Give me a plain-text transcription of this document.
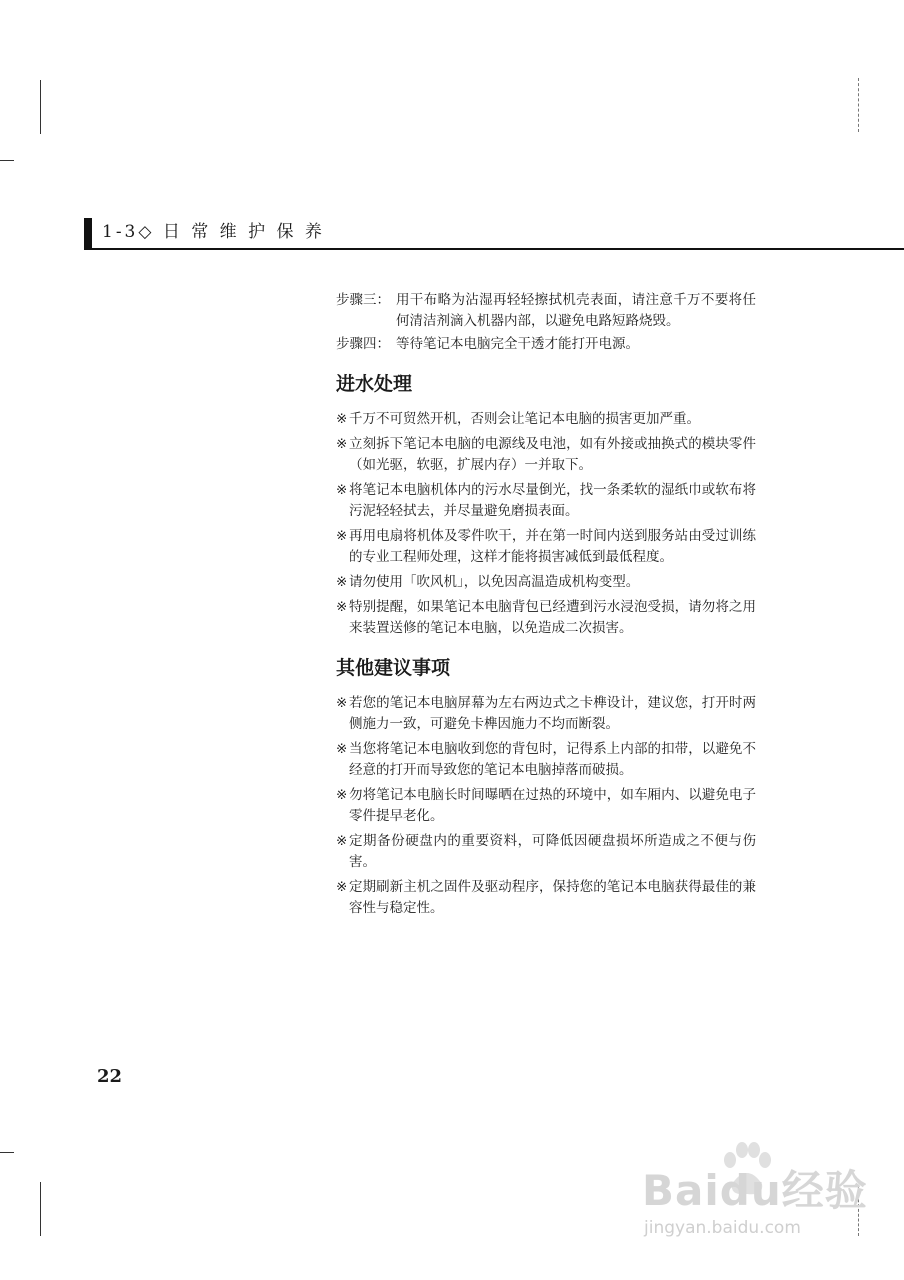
1-3◇ 日 常 维 护 保 养
步骤三： 用干布略为沾湿再轻轻擦拭机壳表面，请注意千万不要将任何清洁剂滴入机器内部，以避免电路短路烧毁。
步骤四： 等待笔记本电脑完全干透才能打开电源。
进水处理
※ 千万不可贸然开机，否则会让笔记本电脑的损害更加严重。
※ 立刻拆下笔记本电脑的电源线及电池，如有外接或抽换式的模块零件（如光驱，软驱，扩展内存）一并取下。
※ 将笔记本电脑机体内的污水尽量倒光，找一条柔软的湿纸巾或软布将污泥轻轻拭去，并尽量避免磨损表面。
※ 再用电扇将机体及零件吹干，并在第一时间内送到服务站由受过训练的专业工程师处理，这样才能将损害减低到最低程度。
※ 请勿使用「吹风机」，以免因高温造成机构变型。
※ 特别提醒，如果笔记本电脑背包已经遭到污水浸泡受损，请勿将之用来装置送修的笔记本电脑，以免造成二次损害。
其他建议事项
※ 若您的笔记本电脑屏幕为左右两边式之卡榫设计，建议您，打开时两侧施力一致，可避免卡榫因施力不均而断裂。
※ 当您将笔记本电脑收到您的背包时，记得系上内部的扣带，以避免不经意的打开而导致您的笔记本电脑掉落而破损。
※ 勿将笔记本电脑长时间曝晒在过热的环境中，如车厢内、以避免电子零件提早老化。
※ 定期备份硬盘内的重要资料，可降低因硬盘损坏所造成之不便与伤害。
※ 定期刷新主机之固件及驱动程序，保持您的笔记本电脑获得最佳的兼容性与稳定性。
22
Baidu经验
jingyan.baidu.com
